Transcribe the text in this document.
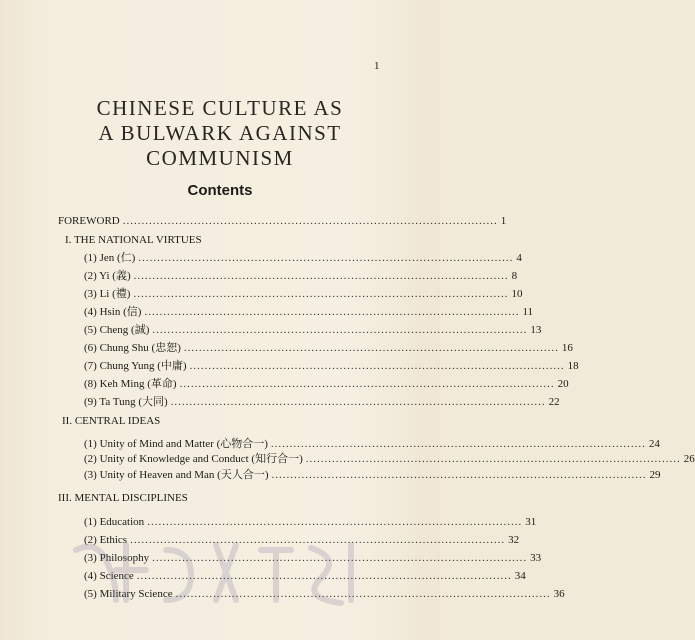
1
CHINESE CULTURE AS
A BULWARK AGAINST
COMMUNISM
Contents
FOREWORD .................................................................................................... 1
I. THE NATIONAL VIRTUES
(1) Jen (仁) .................................................................................................... 4
(2) Yi (義) .................................................................................................... 8
(3) Li (禮) .................................................................................................... 10
(4) Hsin (信) .................................................................................................... 11
(5) Cheng (誠) .................................................................................................... 13
(6) Chung Shu (忠恕) .................................................................................................... 16
(7) Chung Yung (中庸) .................................................................................................... 18
(8) Keh Ming (革命) .................................................................................................... 20
(9) Ta Tung (大同) .................................................................................................... 22
II. CENTRAL IDEAS
(1) Unity of Mind and Matter (心物合一) .................................................................................................... 24
(2) Unity of Knowledge and Conduct (知行合一) .................................................................................................... 26
(3) Unity of Heaven and Man (天人合一) .................................................................................................... 29
III. MENTAL DISCIPLINES
(1) Education .................................................................................................... 31
(2) Ethics .................................................................................................... 32
(3) Philosophy .................................................................................................... 33
(4) Science .................................................................................................... 34
(5) Military Science .................................................................................................... 36
